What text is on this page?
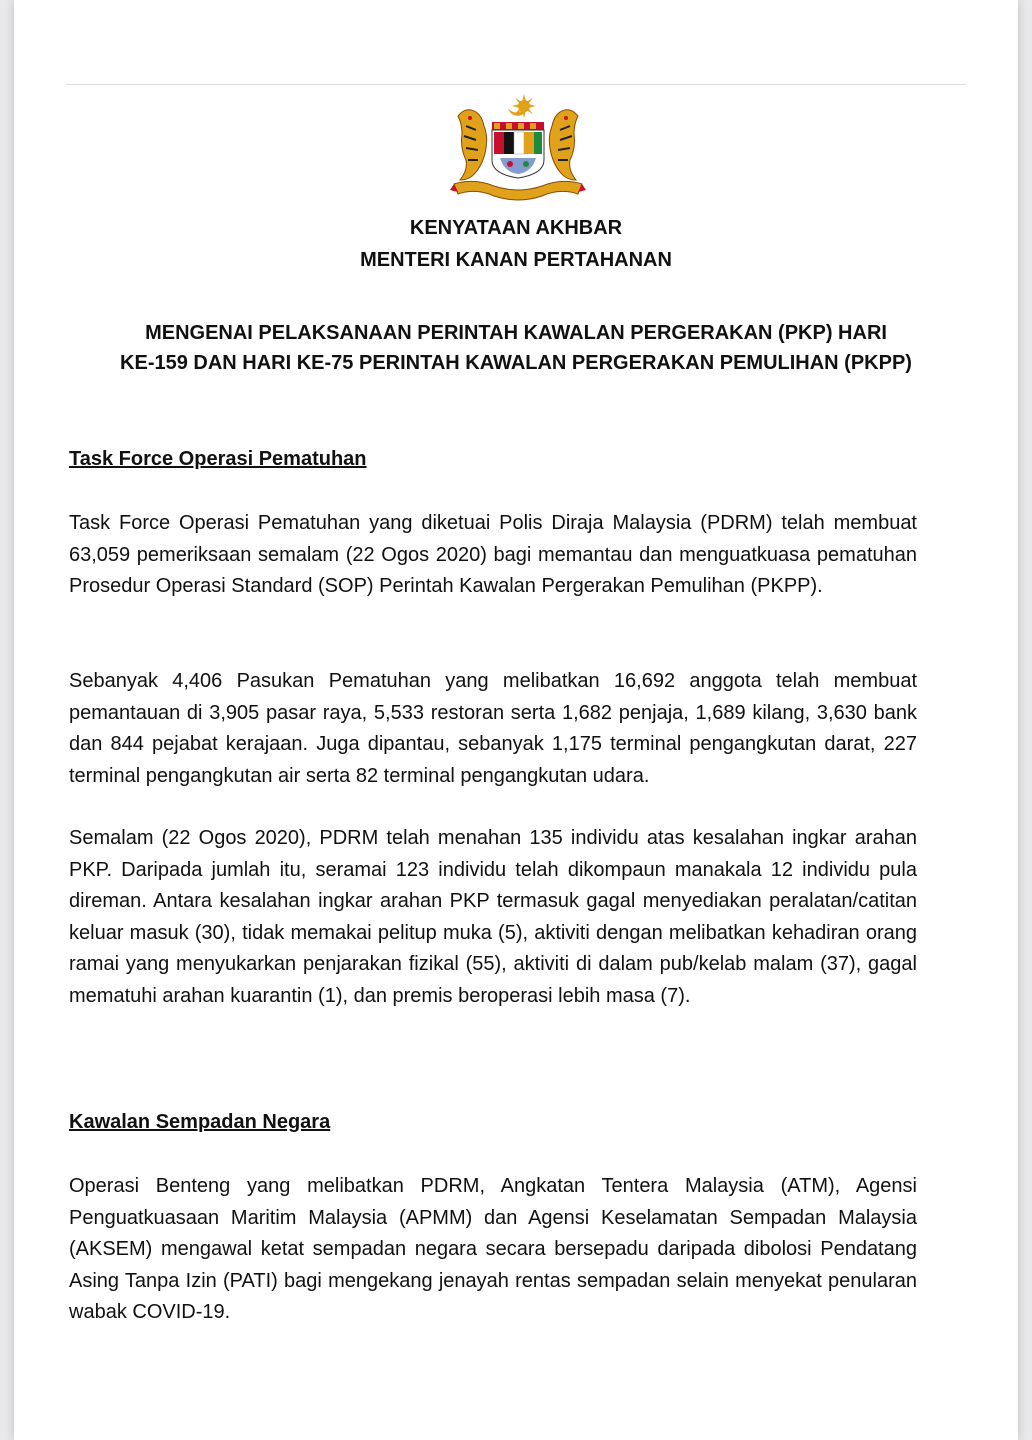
KENYATAAN AKHBAR
MENTERI KANAN PERTAHANAN
MENGENAI PELAKSANAAN PERINTAH KAWALAN PERGERAKAN (PKP) HARI
KE-159 DAN HARI KE-75 PERINTAH KAWALAN PERGERAKAN PEMULIHAN (PKPP)
Task Force Operasi Pematuhan

Task Force Operasi Pematuhan yang diketuai Polis Diraja Malaysia (PDRM) telah membuat 63,059 pemeriksaan semalam (22 Ogos 2020) bagi memantau dan menguatkuasa pematuhan Prosedur Operasi Standard (SOP) Perintah Kawalan Pergerakan Pemulihan (PKPP).

Sebanyak 4,406 Pasukan Pematuhan yang melibatkan 16,692 anggota telah membuat pemantauan di 3,905 pasar raya, 5,533 restoran serta 1,682 penjaja, 1,689 kilang, 3,630 bank dan 844 pejabat kerajaan. Juga dipantau, sebanyak 1,175 terminal pengangkutan darat, 227 terminal pengangkutan air serta 82 terminal pengangkutan udara.

Semalam (22 Ogos 2020), PDRM telah menahan 135 individu atas kesalahan ingkar arahan PKP. Daripada jumlah itu, seramai 123 individu telah dikompaun manakala 12 individu pula direman. Antara kesalahan ingkar arahan PKP termasuk gagal menyediakan peralatan/catitan keluar masuk (30), tidak memakai pelitup muka (5), aktiviti dengan melibatkan kehadiran orang ramai yang menyukarkan penjarakan fizikal (55), aktiviti di dalam pub/kelab malam (37), gagal mematuhi arahan kuarantin (1), dan premis beroperasi lebih masa (7).

Kawalan Sempadan Negara

Operasi Benteng yang melibatkan PDRM, Angkatan Tentera Malaysia (ATM), Agensi Penguatkuasaan Maritim Malaysia (APMM) dan Agensi Keselamatan Sempadan Malaysia (AKSEM) mengawal ketat sempadan negara secara bersepadu daripada dibolosi Pendatang Asing Tanpa Izin (PATI) bagi mengekang jenayah rentas sempadan selain menyekat penularan wabak COVID-19.
